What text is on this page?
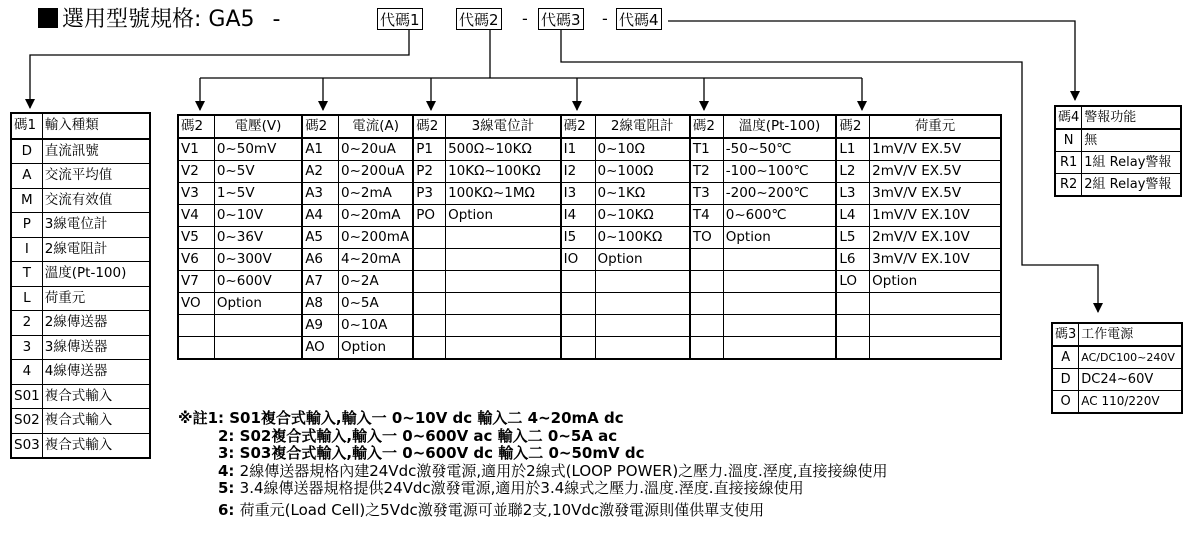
選用型號規格: GA5 -	代碼1	代碼2 - 代碼3 - 代碼4
碼1	輸入種類
D	直流訊號
A	交流平均值
M	交流有效值
P	3線電位計
I	2線電阻計
T	溫度(Pt-100)
L	荷重元
2	2線傳送器
3	3線傳送器
4	4線傳送器
S01	複合式輸入
S02	複合式輸入
S03	複合式輸入
碼2	電壓(V)	碼2	電流(A)	碼2	3線電位計	碼2	2線電阻計	碼2	溫度(Pt-100)	碼2	荷重元
V1	0~50mV	A1	0~20uA	P1	500Ω~10KΩ	I1	0~10Ω	T1	-50~50℃	L1	1mV/V EX.5V
V2	0~5V	A2	0~200uA	P2	10KΩ~100KΩ	I2	0~100Ω	T2	-100~100℃	L2	2mV/V EX.5V
V3	1~5V	A3	0~2mA	P3	100KΩ~1MΩ	I3	0~1KΩ	T3	-200~200℃	L3	3mV/V EX.5V
V4	0~10V	A4	0~20mA	PO	Option	I4	0~10KΩ	T4	0~600℃	L4	1mV/V EX.10V
V5	0~36V	A5	0~200mA			I5	0~100KΩ	TO	Option	L5	2mV/V EX.10V
V6	0~300V	A6	4~20mA			IO	Option			L6	3mV/V EX.10V
V7	0~600V	A7	0~2A							LO	Option
VO	Option	A8	0~5A								
		A9	0~10A								
		AO	Option								
碼4	警報功能
N	無
R1	1組 Relay警報
R2	2組 Relay警報
碼3	工作電源
A	AC/DC100~240V
D	DC24~60V
O	AC 110/220V
※註1: S01複合式輸入,輸入一 0~10V dc 輸入二 4~20mA dc
2: S02複合式輸入,輸入一 0~600V ac 輸入二 0~5A ac
3: S03複合式輸入,輸入一 0~600V dc 輸入二 0~50mV dc
4: 2線傳送器規格內建24Vdc激發電源,適用於2線式(LOOP POWER)之壓力.溫度.溼度,直接接線使用
5: 3.4線傳送器規格提供24Vdc激發電源,適用於3.4線式之壓力.溫度.溼度.直接接線使用
6: 荷重元(Load Cell)之5Vdc激發電源可並聯2支,10Vdc激發電源則僅供單支使用
